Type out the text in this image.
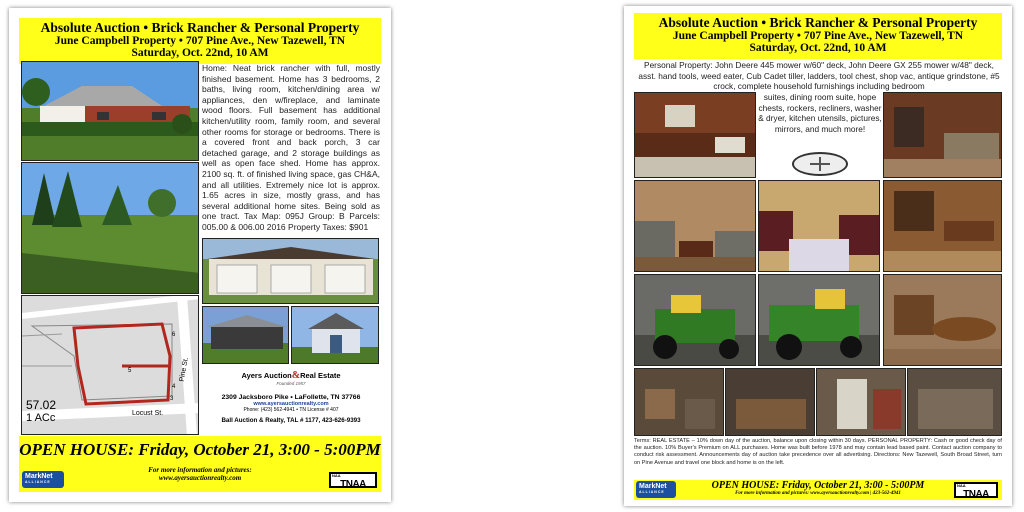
Absolute Auction • Brick Rancher & Personal Property
June Campbell Property • 707 Pine Ave., New Tazewell, TN
Saturday, Oct. 22nd, 10 AM
57.02
1 ACc
Pine St.
Locust St.
6
5
4
3
Home: Neat brick rancher with full, mostly finished basement. Home has 3 bedrooms, 2 baths, living room, kitchen/dining area w/ appliances, den w/fireplace, and laminate wood floors. Full basement has additional kitchen/utility room, family room, and several other rooms for storage or bedrooms. There is a covered front and back porch, 3 car detached garage, and 2 storage buildings as well as open face shed. Home has approx. 2100 sq. ft. of finished living space, gas CH&A, and all utilities. Extremely nice lot is approx. 1.65 acres in size, mostly grass, and has several additional home sites. Being sold as one tract. Tax Map: 095J Group: B Parcels: 005.00 & 006.00 2016 Property Taxes: $901
Ayers Auction&Real Estate
Founded 1957
2309 Jacksboro Pike • LaFollette, TN 37766
www.ayersauctionrealty.com
Phone: (423) 562-4941 • TN License # 407
Ball Auction & Realty, TAL # 1177, 423-626-9393
OPEN HOUSE: Friday, October 21, 3:00 - 5:00PM
For more information and pictures:
www.ayersauctionrealty.com
MarkNet
ALLIANCE
NAA
TNAA
Absolute Auction • Brick Rancher & Personal Property
June Campbell Property • 707 Pine Ave., New Tazewell, TN
Saturday, Oct. 22nd, 10 AM
Personal Property: John Deere 445 mower w/60" deck, John Deere GX 255 mower w/48" deck, asst. hand tools, weed eater, Cub Cadet tiller, ladders, tool chest, shop vac, antique grindstone, #5 crock, complete household furnishings including bedroom
suites, dining room suite, hope chests, rockers, recliners, washer & dryer, kitchen utensils, pictures, mirrors, and much more!
Terms: REAL ESTATE – 10% down day of the auction, balance upon closing within 30 days. PERSONAL PROPERTY: Cash or good check day of the auction. 10% Buyer's Premium on ALL purchases. Home was built before 1978 and may contain lead based paint. Contact auction company to conduct risk assessment. Announcements day of auction take precedence over all advertising. Directions: New Tazewell, South Broad Street, turn on Pine Avenue and travel one block and home is on the left.
OPEN HOUSE: Friday, October 21, 3:00 - 5:00PM
For more information and pictures: www.ayersauctionrealty.com | 423-562-4941
MarkNet
ALLIANCE
NAA
TNAA
